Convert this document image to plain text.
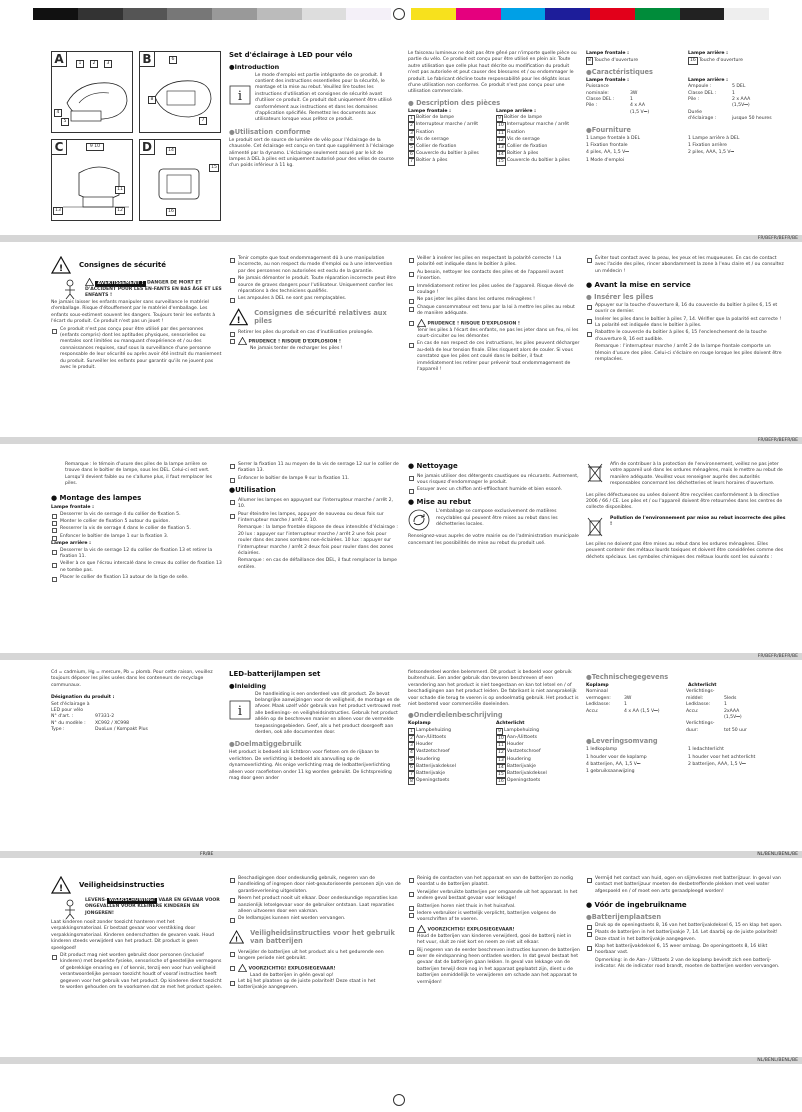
A	1	2	3
4
5
B	6
8
7
C	9 10
11
12
13
D	14
15
16
Set d'éclairage à LED pour vélo
●Introduction
i

Le mode d'emploi est partie intégrante de ce produit. Il contient des instructions essentielles pour la sécurité, le montage et la mise au rebut. Veuillez lire toutes les instructions d'utilisation et consignes de sécurité avant d'utiliser ce produit. Ce produit doit uniquement être utilisé conformément aux instructions et dans les domaines d'application spécifiés. Remettez les documents aux utilisateurs lorsque vous prêtez ce produit.

●Utilisation conforme

Le produit sert de source de lumière de vélo pour l'éclairage de la chaussée. Cet éclairage est conçu en tant que supplément à l'éclairage alimenté par la dynamo. L'éclairage seulement assuré par le kit de lampes à DEL à piles est uniquement autorisé pour des vélos de course d'un poids inférieur à 11 kg.

Le faisceau lumineux ne doit pas être gêné par n'importe quelle pièce ou partie du vélo. Ce produit est conçu pour être utilisé en plein air. Toute autre utilisation que celle plus haut décrite ou modification du produit n'est pas autorisée et peut causer des blessures et / ou endommager le produit. Le fabricant décline toute responsabilité pour les dégâts issus d'une utilisation non conforme. Ce produit n'est pas conçu pour une utilisation commerciale.

● Description des pièces
Lampe frontale :
1 Boîtier de lampe
2 Interrupteur marche / arrêt
3 Fixation
4 Vis de serrage
5 Collier de fixation
6 Couvercle du boîtier à piles
7 Boîtier à piles
Lampe arrière :
9 Boîtier de lampe
10 Interrupteur marche / arrêt
11 Fixation
12 Vis de serrage
13 Collier de fixation
14 Boîtier à piles
15 Couvercle du boîtier à piles
Lampe frontale :
8 Touche d'ouverture
Lampe arrière :
16 Touche d'ouverture
●Caractéristiques
Lampe frontale :
Puissance
nominale:	3W
Classe DEL :	1
Pile :	4 x AA
(1,5 V⎓)
Lampe arrière :
Ampoule :	5 DEL
Classe DEL :	1
Pile :	2 x AAA
(1,5V⎓)
Durée
d'éclairage :	jusque 50 heures
●Fourniture

1 Lampe frontale à DEL

1 Fixation frontale

4 piles, AA, 1,5 V⎓

1 Mode d'emploi

1 Lampe arrière à DEL

1 Fixation arrière

2 piles, AAA, 1,5 V⎓

FR/BEFR/BEFR/BE
! Consignes de sécurité
AVERTISSEMENT ! DANGER DE MORT ET D'ACCIDENT POUR LES EN-FANTS EN BAS ÂGE ET LES ENFANTS !

Ne jamais laisser les enfants manipuler sans surveillance le matériel d'emballage. Risque d'étouffement par le matériel d'emballage. Les enfants sous-estiment souvent les dangers. Toujours tenir les enfants à l'écart du produit. Ce produit n'est pas un jouet !

Ce produit n'est pas conçu pour être utilisé par des personnes (enfants compris) dont les aptitudes physiques, sensorielles ou mentales sont limitées ou manquant d'expérience et / ou des connaissances requises, sauf sous la surveillance d'une personne responsable de leur sécurité ou après avoir été instruit du maniement du produit. Surveiller les enfants pour garantir qu'ils ne jouent pas avec le produit.

Tenir compte que tout endommagement dû à une manipulation incorrecte, au non respect du mode d'emploi ou à une intervention par des personnes non autorisées est exclu de la garantie.

Ne jamais démonter le produit. Toute réparation incorrecte peut être source de graves dangers pour l'utilisateur. Uniquement confier les réparations à des techniciens qualifiés.

Les ampoules à DEL ne sont pas remplaçables.

!
Consignes de sécurité relatives aux piles

Retirer les piles du produit en cas d'inutilisation prolongée.

PRUDENCE ! RISQUE D'EXPLOSION !
Ne jamais tenter de recharger les piles !

Veiller à insérer les piles en respectant la polarité correcte ! La polarité est indiquée dans le boîtier à piles.

Au besoin, nettoyer les contacts des piles et de l'appareil avant l'insertion.

Immédiatement retirer les piles usées de l'appareil. Risque élevé de coulage !

Ne pas jeter les piles dans les ordures ménagères !

Chaque consommateur est tenu par la loi à mettre les piles au rebut de manière adéquate.

PRUDENCE ! RISQUE D'EXPLOSION !

Tenir les piles à l'écart des enfants, ne pas les jeter dans un feu, ni les court-circuiter ou les démonter.

En cas de non respect de ces instructions, les piles peuvent décharger au-delà de leur tension finale. Elles risquent alors de couler. Si vous constatez que les piles ont coulé dans le boîtier, il faut immédiatement les retirer pour prévenir tout endommagement de l'appareil !

Éviter tout contact avec la peau, les yeux et les muqueuses. En cas de contact avec l'acide des piles, rincer abondamment la zone à l'eau claire et / ou consultez un médecin !

● Avant la mise en service
● Insérer les piles

Appuyer sur la touche d'ouverture 8, 16 du couvercle du boîtier à piles 6, 15 et ouvrir ce dernier.

Insérer les piles dans le boîtier à piles 7, 14. Vérifier que la polarité est correcte ! La polarité est indiquée dans le boîtier à piles.

Rabattre le couvercle du boîtier à piles 6, 15 l'enclenchement de la touche d'ouverture 8, 16 est audible.

Remarque : l'interrupteur marche / arrêt 2 de la lampe frontale comporte un témoin d'usure des piles. Celui-ci s'éclaire en rouge lorsque les piles doivent être remplacées.

FR/BEFR/BEFR/BE

Remarque : le témoin d'usure des piles de la lampe arrière se trouve dans le boîtier de lampe, sous les DEL. Celui-ci est vert. Lorsqu'il devient faible ou ne s'allume plus, il faut remplacer les piles.

● Montage des lampes
Lampe frontale :

Desserrer la vis de serrage 4 du collier de fixation 5.

Monter le collier de fixation 5 autour du guidon.

Resserrer la vis de serrage 4 dans le collier de fixation 5.

Enfoncer le boîtier de lampe 1 sur la fixation 3.

Lampe arrière :

Desserrer la vis de serrage 12 du collier de fixation 13 et retirer la fixation 11.

Veiller à ce que l'écrou intercalé dans le creux du collier de fixation 13 ne tombe pas.

Placer le collier de fixation 13 autour de la tige de selle.

Serrer la fixation 11 au moyen de la vis de serrage 12 sur le collier de fixation 13.

Enfoncer le boîtier de lampe 9 sur la fixation 11.

●Utilisation

Allumer les lampes en appuyant sur l'interrupteur marche / arrêt 2, 10.

Pour éteindre les lampes, appuyer de nouveau ou deux fois sur l'interrupteur marche / arrêt 2, 10.

Remarque : la lampe frontale dispose de deux intensités d'éclairage : 20 lux : appuyer sur l'interrupteur marche / arrêt 2 une fois pour rouler dans des zones sombres non-éclairées. 10 lux : appuyer sur l'interrupteur marche / arrêt 2 deux fois pour rouler dans des zones éclairées.

Remarque : en cas de défaillance des DEL, il faut remplacer la lampe entière.

● Nettoyage

Ne jamais utiliser des détergents caustiques ou récurants. Autrement, vous risquez d'endommager le produit.

Essuyer avec un chiffon anti-effilochant humide et bien essoré.

● Mise au rebut

L'emballage se compose exclusivement de matières recyclables qui peuvent être mises au rebut dans les déchetteries locales.

Renseignez-vous auprès de votre mairie ou de l'administration municipale concernant les possibilités de mise au rebut du produit usé.

Afin de contribuer à la protection de l'environnement, veillez ne pas jeter votre appareil usé dans les ordures ménagères, mais le mettre au rebut de manière adéquate. Veuillez vous renseigner auprès des autorités responsables concernant les déchetteries et leurs horaires d'ouverture.

Les piles défectueuses ou usées doivent être recyclées conformément à la directive 2006 / 66 / CE. Les piles et / ou l'appareil doivent être retournées dans les centres de collecte disponibles.

Pollution de l'environnement par mise au rebut incorrecte des piles !

Les piles ne doivent pas être mises au rebut dans les ordures ménagères. Elles peuvent contenir des métaux lourds toxiques et doivent être considérées comme des déchets spéciaux. Les symboles chimiques des métaux lourds sont les suivants :

FR/BEFR/BEFR/BE

Cd = cadmium, Hg = mercure, Pb = plomb. Pour cette raison, veuillez toujours déposer les piles usées dans les conteneurs de recyclage communaux.

Désignation du produit :
Set d'éclairage à LED pour vélo
N° d'art. :	97331-2
N° du modèle :	XC992 / XC998
Type :	DuoLux / Kompakt Plus
LED-batterijlampen set
●Inleiding
i

De handleiding is een onderdeel van dit product. Ze bevat belangrijke aanwijzingen voor de veiligheid, de montage en de afvoer. Maak uzelf vóór gebruik van het product vertrouwd met alle bedienings- en veiligheidsinstructies. Gebruik het product alléén op de beschreven manier en alleen voor de vermelde toepassingsgebieden. Geef, als u het product doorgeeft aan derden, ook alle documenten door.

●Doelmatiggebruik

Het product is bedoeld als lichtbron voor fietsen om de rijbaan te verlichten. De verlichting is bedoeld als aanvulling op de dynamoverlichting. Als enige verlichting mag de ledbatterijverlichting alleen voor racefietsen onder 11 kg worden gebruikt. De lichtspreiding mag door geen ander

fietsonderdeel worden belemmerd. Dit product is bedoeld voor gebruik buitenshuis. Een ander gebruik dan tevoren beschreven of een verandering aan het product is niet toegestaan en kan tot letsel en / of beschadigingen aan het product leiden. De fabrikant is niet aansprakelijk voor schade die terug te voeren is op ondoelmatig gebruik. Het product is niet bestemd voor commerciële doeleinden.

●Onderdelenbeschrijving
Koplamp
1 Lampbehuizing
2 Aan-/Uittoets
3 Houder
4 Vastzetschroef
5 Houdering
6 Batterijvakdeksel
7 Batterijvakje
8 Openingstoets
Achterlicht
9 Lampbehuizing
10 Aan-/Uittoets
11 Houder
12 Vastzetschroef
13 Houdering
14 Batterijvakje
15 Batterijvakdeksel
16 Openingstoets
●Technischegegevens
Koplamp	Achterlicht
Nominaal	Verlichtings-
vermogen:	3W	middel:	5leds
Ledklasse:	1	Ledklasse:	1
Accu:	4 x AA (1,5 V⎓)	Accu:	2xAAA
(1,5V⎓)
Verlichtings-
duur:	tot 50 uur
●Leveringsomvang

1 ledkoplamp

1 houder voor de koplamp

4 batterijen, AA, 1,5 V⎓

1 gebruiksaanwijzing

1 ledachterlicht

1 houder voor het achterlicht

2 batterijen, AAA, 1,5 V⎓

FR/BE	NL/BENL/BENL/BE
! Veiligheidsinstructies
LEVENS- WAARSCHUWING! VAAR EN GEVAAR VOOR ONGEVALLEN VOOR KLEINERE KINDEREN EN JONGEREN!

Laat kinderen nooit zonder toezicht hanteren met het verpakkingsmateriaal. Er bestaat gevaar voor verstikking door verpakkingsmateriaal. Kinderen onderschatten de gevaren vaak. Houd kinderen steeds verwijderd van het product. Dit product is geen speelgoed!

Dit product mag niet worden gebruikt door personen (inclusief kinderen) met beperkte fysieke, sensorische of geestelijke vermogens of gebrekkige ervaring en / of kennis, tenzij een voor hun veiligheid verantwoordelijke persoon toezicht houdt of vooraf instructies heeft gegeven voor het gebruik van het product. Op kinderen dient toezicht te worden gehouden om te voorkomen dat ze met het product spelen.

Beschadigingen door ondeskundig gebruik, negeren van de handleiding of ingrepen door niet-geautoriseerde personen zijn van de garantieverlening uitgesloten.

Neem het product nooit uit elkaar. Door ondeskundige reparaties kan aanzienlijk letselgevaar voor de gebruiker ontstaan. Laat reparaties alleen uitvoeren door een vakman.

De ledlampjes kunnen niet worden vervangen.

!
Veiligheidsinstructies voor het gebruik van batterijen

Verwijder de batterijen uit het product als u het gedurende een langere periode niet gebruikt.

VOORZICHTIG! EXPLOSIEGEVAAR!
Laad de batterijen in géén geval op!

Let bij het plaatsen op de juiste polariteit! Deze staat in het batterijvakje aangegeven.

Reinig de contacten van het apparaat en van de batterijen zo nodig voordat u de batterijen plaatst.

Verwijder verbruikte batterijen per omgaande uit het apparaat. In het andere geval bestaat gevaar voor lekkage!

Batterijen horen niet thuis in het huisafval.

Iedere verbruiker is wettelijk verplicht, batterijen volgens de voorschriften af te voeren.

VOORZICHTIG! EXPLOSIEGEVAAR!

Houd de batterijen van kinderen verwijderd, gooi de batterij niet in het vuur, sluit ze niet kort en neem ze niet uit elkaar.

Bij negeren van de eerder beschreven instructies kunnen de batterijen over de eindspanning heen ontladen worden. In dat geval bestaat het gevaar dat de batterijen gaan lekken. In geval van lekkage van de batterijen terwijl deze nog in het apparaat geplaatst zijn, dient u de batterijen onmiddellijk te verwijderen om schade aan het apparaat te vermijden!

Vermijd het contact van huid, ogen en slijmvliezen met batterijzuur. In geval van contact met batterijzuur moeten de desbetreffende plekken met veel water afgespoeld en / of moet een arts geraadpleegd worden!

● Vóór de ingebruikname
●Batterijenplaatsen

Druk op de openingstoets 8, 16 van het batterijvakdeksel 6, 15 en klap het open.

Plaats de batterijen in het batterijvakje 7, 14. Let daarbij op de juiste polariteit! Deze staat in het batterijvakje aangegeven.

Klap het batterijvakdeksel 6, 15 weer omlaag. De openingstoets 8, 16 klikt hoorbaar vast.

Opmerking: in de Aan- / Uittoets 2 van de koplamp bevindt zich een batterij-indicator. Als de indicator rood brandt, moeten de batterijen worden vervangen.

NL/BENL/BENL/BE
